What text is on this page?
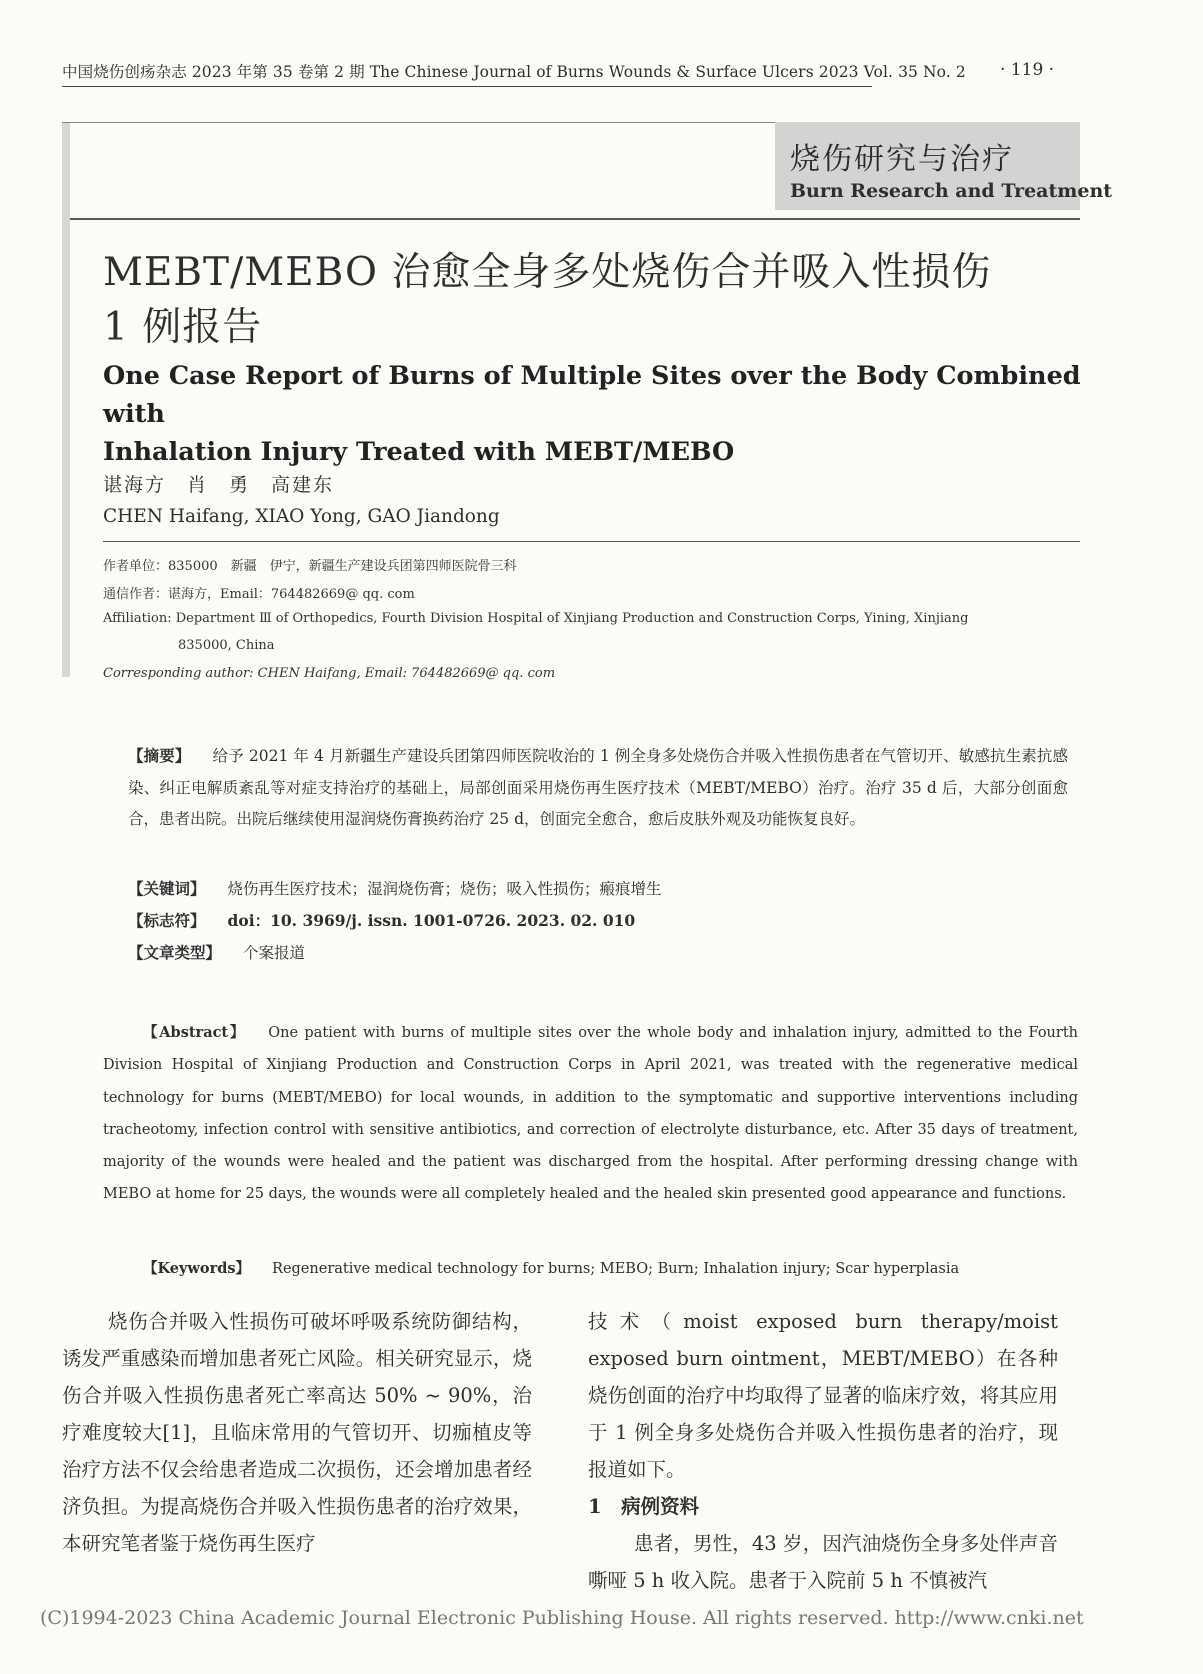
中国烧伤创疡杂志 2023 年第 35 卷第 2 期 The Chinese Journal of Burns Wounds & Surface Ulcers 2023 Vol. 35 No. 2 · 119 ·
烧伤研究与治疗
Burn Research and Treatment
MEBT/MEBO 治愈全身多处烧伤合并吸入性损伤
1 例报告
One Case Report of Burns of Multiple Sites over the Body Combined with
Inhalation Injury Treated with MEBT/MEBO
谌海方　肖　勇　高建东
CHEN Haifang, XIAO Yong, GAO Jiandong
作者单位：835000　新疆　伊宁，新疆生产建设兵团第四师医院骨三科
通信作者：谌海方，Email：764482669@ qq. com
Affiliation: Department Ⅲ of Orthopedics, Fourth Division Hospital of Xinjiang Production and Construction Corps, Yining, Xinjiang
835000, China
Corresponding author: CHEN Haifang, Email: 764482669@ qq. com
【摘要】 给予 2021 年 4 月新疆生产建设兵团第四师医院收治的 1 例全身多处烧伤合并吸入性损伤患者在气管切开、敏感抗生素抗感染、纠正电解质紊乱等对症支持治疗的基础上，局部创面采用烧伤再生医疗技术（MEBT/MEBO）治疗。治疗 35 d 后，大部分创面愈合，患者出院。出院后继续使用湿润烧伤膏换药治疗 25 d，创面完全愈合，愈后皮肤外观及功能恢复良好。
【关键词】 烧伤再生医疗技术；湿润烧伤膏；烧伤；吸入性损伤；瘢痕增生
【标志符】 doi：10. 3969/j. issn. 1001-0726. 2023. 02. 010
【文章类型】 个案报道
【Abstract】 One patient with burns of multiple sites over the whole body and inhalation injury, admitted to the Fourth Division Hospital of Xinjiang Production and Construction Corps in April 2021, was treated with the regenerative medical technology for burns (MEBT/MEBO) for local wounds, in addition to the symptomatic and supportive interventions including tracheotomy, infection control with sensitive antibiotics, and correction of electrolyte disturbance, etc. After 35 days of treatment, majority of the wounds were healed and the patient was discharged from the hospital. After performing dressing change with MEBO at home for 25 days, the wounds were all completely healed and the healed skin presented good appearance and functions.
【Keywords】 Regenerative medical technology for burns; MEBO; Burn; Inhalation injury; Scar hyperplasia

烧伤合并吸入性损伤可破坏呼吸系统防御结构，诱发严重感染而增加患者死亡风险。相关研究显示，烧伤合并吸入性损伤患者死亡率高达 50% ~ 90%，治疗难度较大[1]，且临床常用的气管切开、切痂植皮等治疗方法不仅会给患者造成二次损伤，还会增加患者经济负担。为提高烧伤合并吸入性损伤患者的治疗效果，本研究笔者鉴于烧伤再生医疗

技术（moist exposed burn therapy/moist exposed burn ointment，MEBT/MEBO）在各种烧伤创面的治疗中均取得了显著的临床疗效，将其应用于 1 例全身多处烧伤合并吸入性损伤患者的治疗，现报道如下。

1　病例资料

患者，男性，43 岁，因汽油烧伤全身多处伴声音嘶哑 5 h 收入院。患者于入院前 5 h 不慎被汽

(C)1994-2023 China Academic Journal Electronic Publishing House. All rights reserved. http://www.cnki.net
